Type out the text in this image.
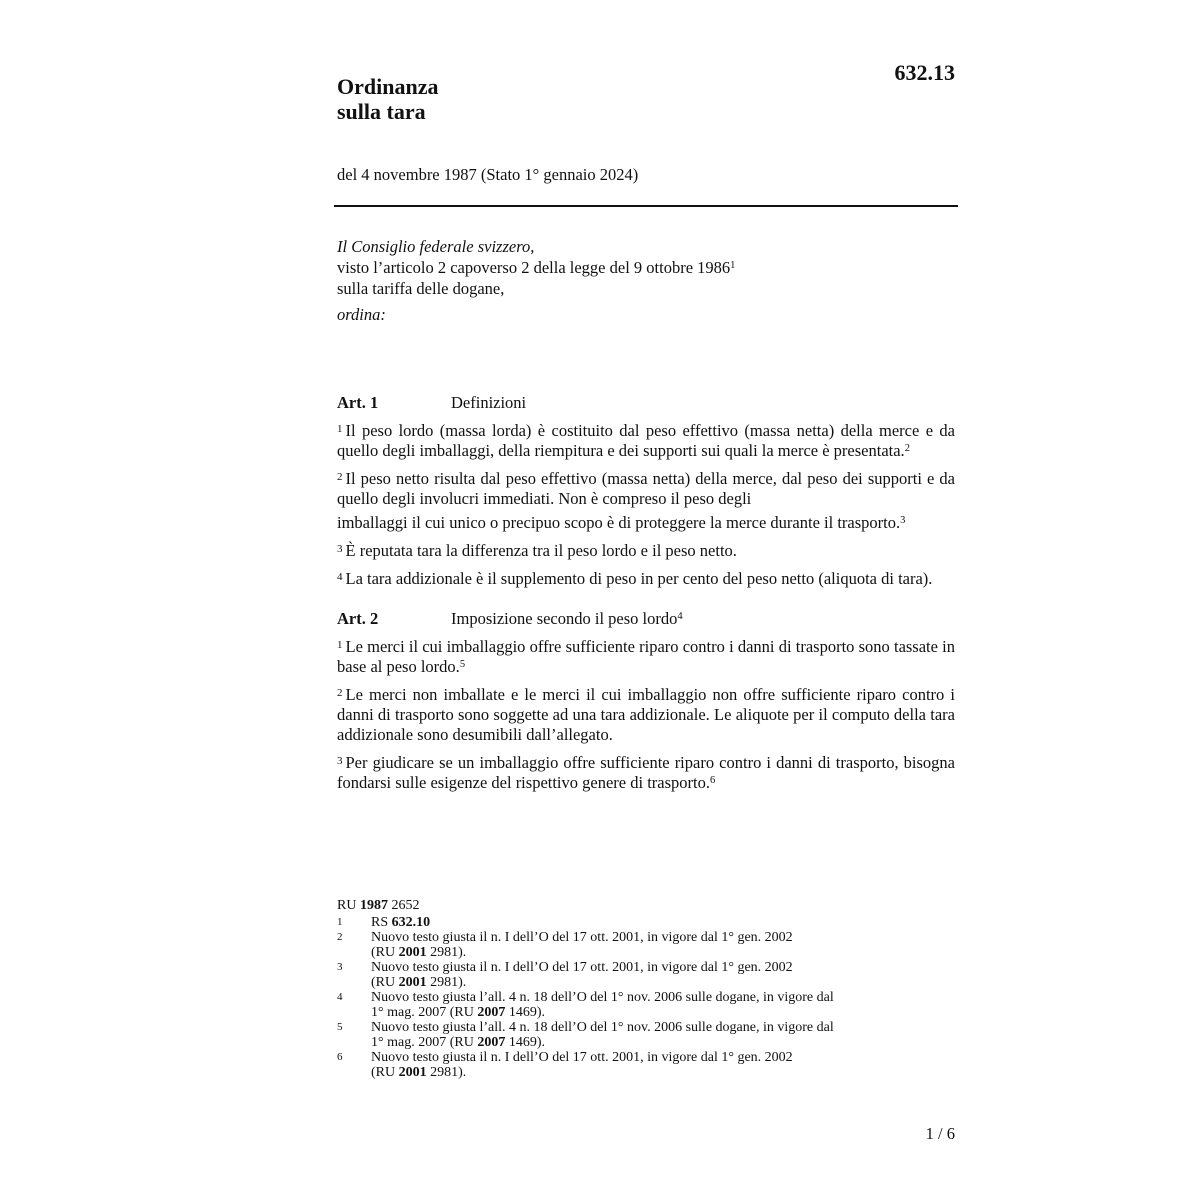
632.13
Ordinanza
sulla tara
del 4 novembre 1987 (Stato 1° gennaio 2024)

Il Consiglio federale svizzero,

visto l’articolo 2 capoverso 2 della legge del 9 ottobre 1986$^1$

sulla tariffa delle dogane,

ordina:

Art. 1	Definizioni

$^1$ Il peso lordo (massa lorda) è costituito dal peso effettivo (massa netta) della merce e da quello degli imballaggi, della riempitura e dei supporti sui quali la merce è presentata.$^2$

$^2$ Il peso netto risulta dal peso effettivo (massa netta) della merce, dal peso dei supporti e da quello degli involucri immediati. Non è compreso il peso degli

imballaggi il cui unico o precipuo scopo è di proteggere la merce durante il trasporto.$^3$

$^3$ È reputata tara la differenza tra il peso lordo e il peso netto.

$^4$ La tara addizionale è il supplemento di peso in per cento del peso netto (aliquota di tara).

Art. 2	Imposizione secondo il peso lordo$^4$

$^1$ Le merci il cui imballaggio offre sufficiente riparo contro i danni di trasporto sono tassate in base al peso lordo.$^5$

$^2$ Le merci non imballate e le merci il cui imballaggio non offre sufficiente riparo contro i danni di trasporto sono soggette ad una tara addizionale. Le aliquote per il computo della tara addizionale sono desumibili dall’allegato.

$^3$ Per giudicare se un imballaggio offre sufficiente riparo contro i danni di trasporto, bisogna fondarsi sulle esigenze del rispettivo genere di trasporto.$^6$

RU 1987 2652
1	RS 632.10
2	Nuovo testo giusta il n. I dell’O del 17 ott. 2001, in vigore dal 1° gen. 2002
(RU 2001 2981).
3	Nuovo testo giusta il n. I dell’O del 17 ott. 2001, in vigore dal 1° gen. 2002
(RU 2001 2981).
4	Nuovo testo giusta l’all. 4 n. 18 dell’O del 1° nov. 2006 sulle dogane, in vigore dal
1° mag. 2007 (RU 2007 1469).
5	Nuovo testo giusta l’all. 4 n. 18 dell’O del 1° nov. 2006 sulle dogane, in vigore dal
1° mag. 2007 (RU 2007 1469).
6	Nuovo testo giusta il n. I dell’O del 17 ott. 2001, in vigore dal 1° gen. 2002
(RU 2001 2981).
1 / 6
